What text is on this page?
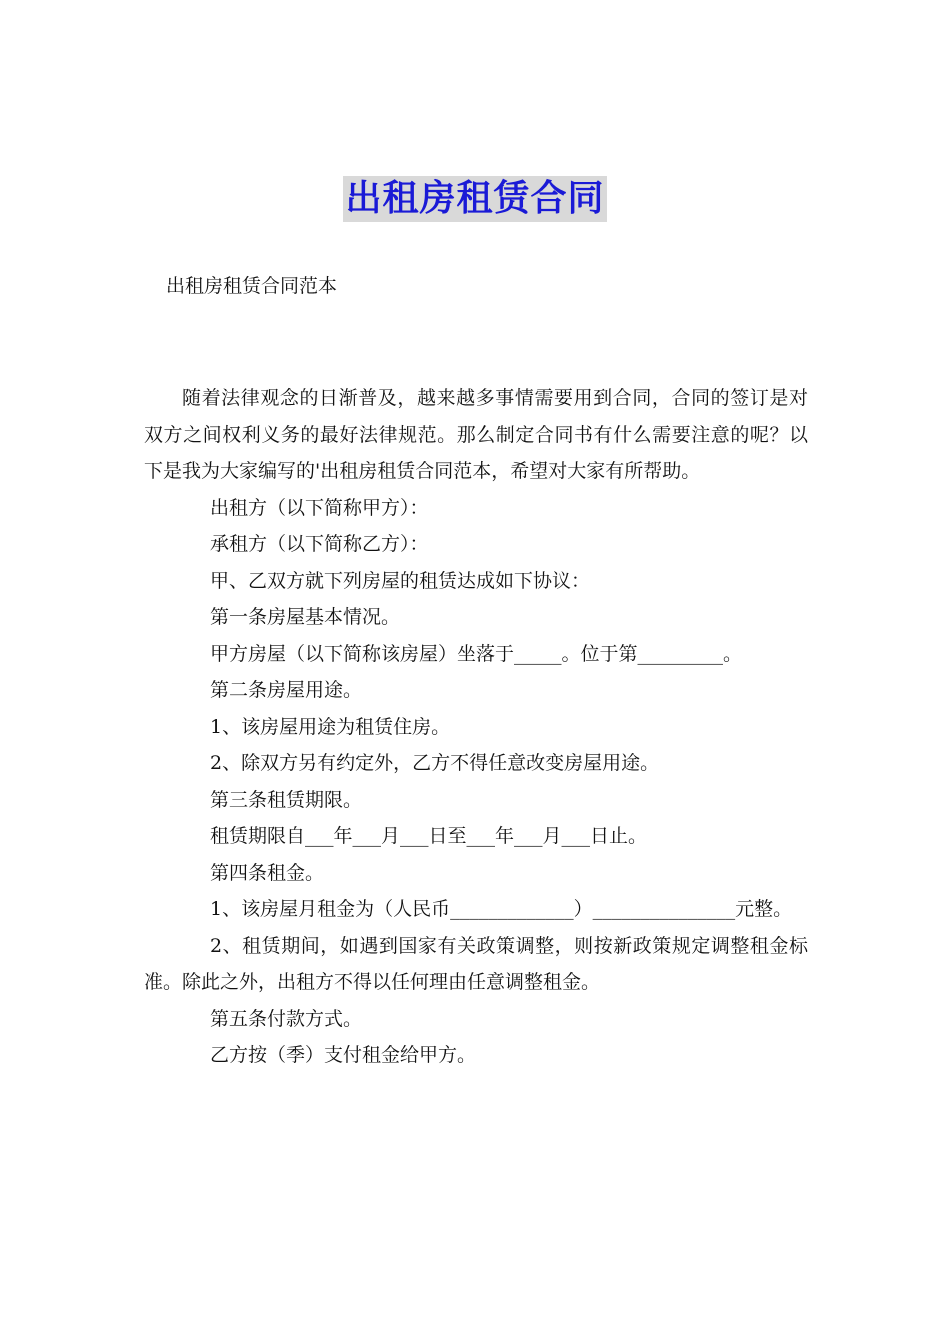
出租房租赁合同
出租房租赁合同范本

随着法律观念的日渐普及，越来越多事情需要用到合同，合同的签订是对双方之间权利义务的最好法律规范。那么制定合同书有什么需要注意的呢？以下是我为大家编写的'出租房租赁合同范本，希望对大家有所帮助。

出租方（以下简称甲方）：

承租方（以下简称乙方）：

甲、乙双方就下列房屋的租赁达成如下协议：

第一条房屋基本情况。

甲方房屋（以下简称该房屋）坐落于_____。位于第_________。

第二条房屋用途。

1、该房屋用途为租赁住房。

2、除双方另有约定外，乙方不得任意改变房屋用途。

第三条租赁期限。

租赁期限自___年___月___日至___年___月___日止。

第四条租金。

1、该房屋月租金为（人民币_____________）_______________元整。

2、租赁期间，如遇到国家有关政策调整，则按新政策规定调整租金标准。除此之外，出租方不得以任何理由任意调整租金。

第五条付款方式。

乙方按（季）支付租金给甲方。
